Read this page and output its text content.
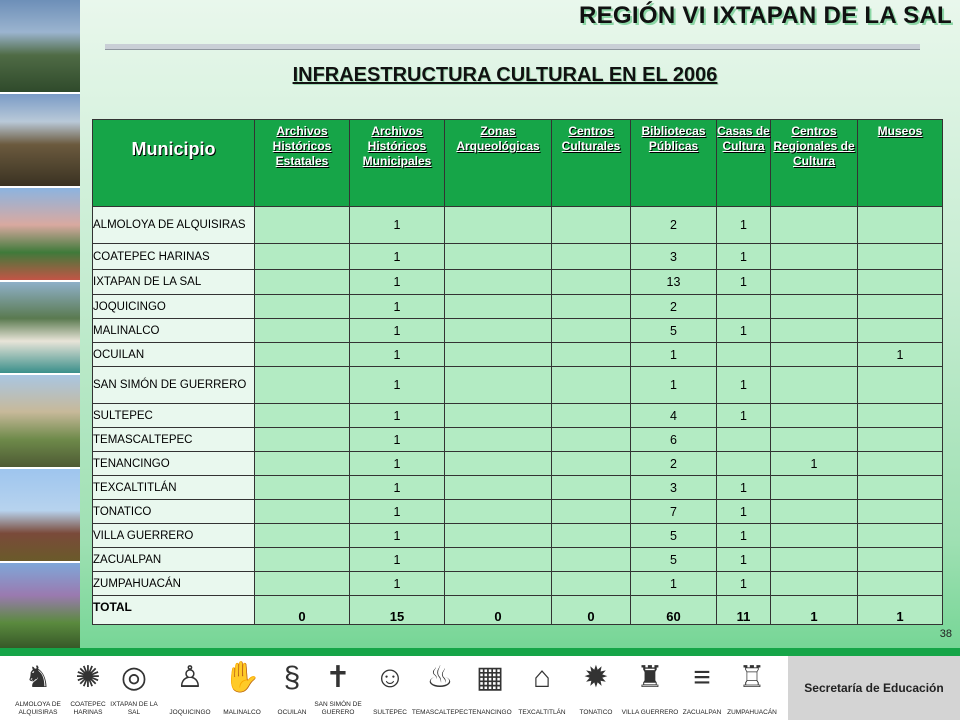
REGIÓN VI IXTAPAN DE LA SAL
INFRAESTRUCTURA CULTURAL EN EL 2006
Municipio	Archivos Históricos Estatales	Archivos Históricos Municipales	Zonas Arqueológicas	Centros Culturales	Bibliotecas Públicas	Casas de Cultura	Centros Regionales de Cultura	Museos
ALMOLOYA DE ALQUISIRAS		1			2	1		
COATEPEC HARINAS		1			3	1		
IXTAPAN DE LA SAL		1			13	1		
JOQUICINGO		1			2			
MALINALCO		1			5	1		
OCUILAN		1			1			1
SAN SIMÓN DE GUERRERO		1			1	1		
SULTEPEC		1			4	1		
TEMASCALTEPEC		1			6			
TENANCINGO		1			2		1	
TEXCALTITLÁN		1			3	1		
TONATICO		1			7	1		
VILLA GUERRERO		1			5	1		
ZACUALPAN		1			5	1		
ZUMPAHUACÁN		1			1	1		
TOTAL	0	15	0	0	60	11	1	1
38
♞
ALMOLOYA DE ALQUISIRAS
✺
COATEPEC HARINAS
◎
IXTAPAN DE LA SAL
♙
JOQUICINGO
✋
MALINALCO
§
OCUILAN
✝
SAN SIMÓN DE GUERERO
☺
SULTEPEC
♨
TEMASCALTEPEC
▦
TENANCINGO
⌂
TEXCALTITLÁN
✹
TONATICO
♜
VILLA GUERRERO
≡
ZACUALPAN
♖
ZUMPAHUACÁN
Secretaría de Educación
